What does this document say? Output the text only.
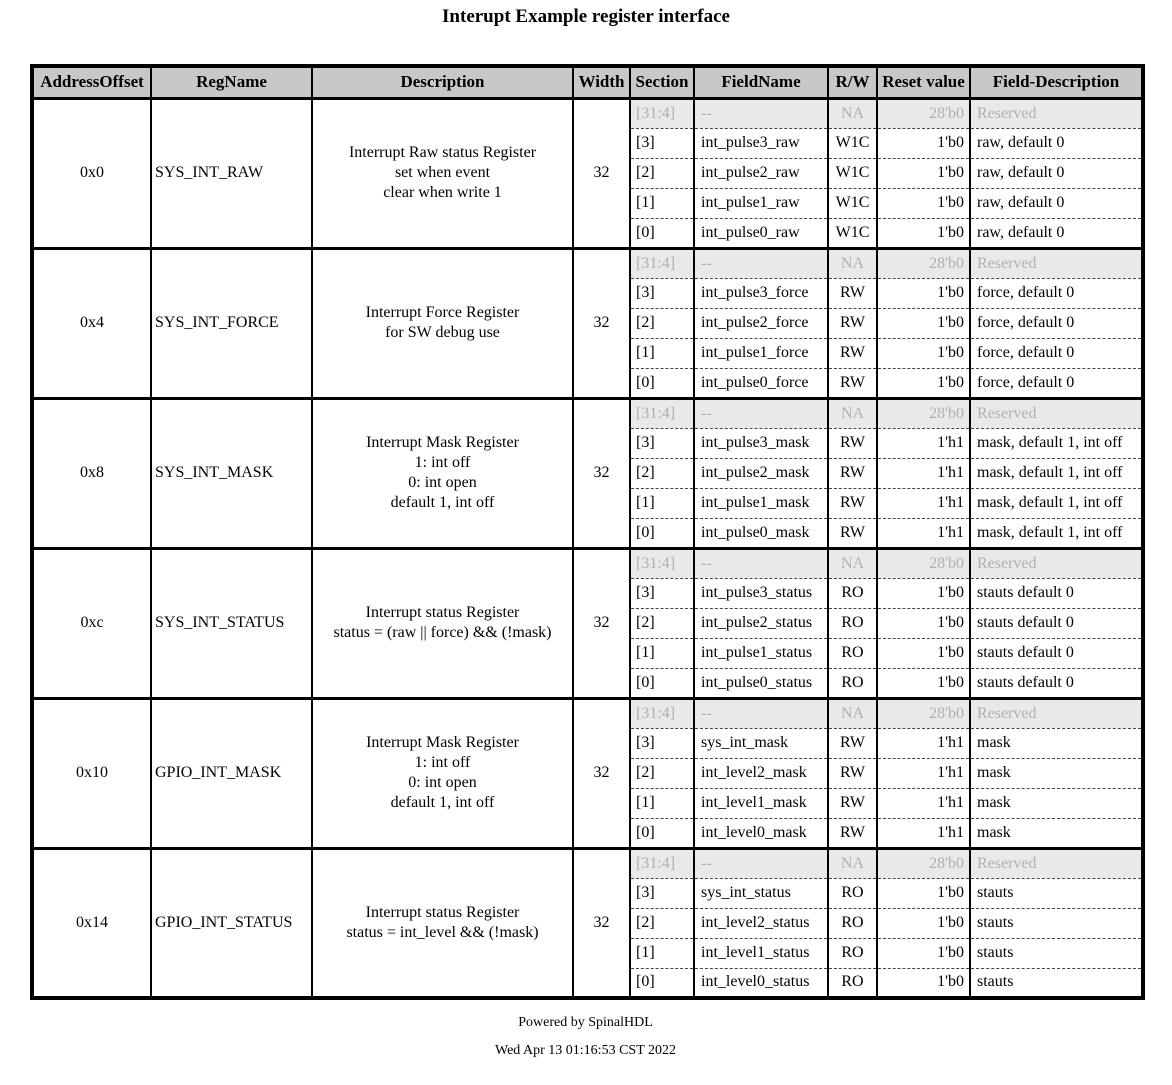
Interupt Example register interface
AddressOffset	RegName	Description	Width	Section	FieldName	R/W	Reset value	Field-Description
0x0	SYS_INT_RAW	Interrupt Raw status Register
set when event
clear when write 1	32	[31:4]	--	NA	28'b0	Reserved
				[3]	int_pulse3_raw	W1C	1'b0	raw, default 0
				[2]	int_pulse2_raw	W1C	1'b0	raw, default 0
				[1]	int_pulse1_raw	W1C	1'b0	raw, default 0
				[0]	int_pulse0_raw	W1C	1'b0	raw, default 0
0x4	SYS_INT_FORCE	Interrupt Force Register
for SW debug use	32	[31:4]	--	NA	28'b0	Reserved
				[3]	int_pulse3_force	RW	1'b0	force, default 0
				[2]	int_pulse2_force	RW	1'b0	force, default 0
				[1]	int_pulse1_force	RW	1'b0	force, default 0
				[0]	int_pulse0_force	RW	1'b0	force, default 0
0x8	SYS_INT_MASK	Interrupt Mask Register
1: int off
0: int open
default 1, int off	32	[31:4]	--	NA	28'b0	Reserved
				[3]	int_pulse3_mask	RW	1'h1	mask, default 1, int off
				[2]	int_pulse2_mask	RW	1'h1	mask, default 1, int off
				[1]	int_pulse1_mask	RW	1'h1	mask, default 1, int off
				[0]	int_pulse0_mask	RW	1'h1	mask, default 1, int off
0xc	SYS_INT_STATUS	Interrupt status Register
status = (raw || force) && (!mask)	32	[31:4]	--	NA	28'b0	Reserved
				[3]	int_pulse3_status	RO	1'b0	stauts default 0
				[2]	int_pulse2_status	RO	1'b0	stauts default 0
				[1]	int_pulse1_status	RO	1'b0	stauts default 0
				[0]	int_pulse0_status	RO	1'b0	stauts default 0
0x10	GPIO_INT_MASK	Interrupt Mask Register
1: int off
0: int open
default 1, int off	32	[31:4]	--	NA	28'b0	Reserved
				[3]	sys_int_mask	RW	1'h1	mask
				[2]	int_level2_mask	RW	1'h1	mask
				[1]	int_level1_mask	RW	1'h1	mask
				[0]	int_level0_mask	RW	1'h1	mask
0x14	GPIO_INT_STATUS	Interrupt status Register
status = int_level && (!mask)	32	[31:4]	--	NA	28'b0	Reserved
				[3]	sys_int_status	RO	1'b0	stauts
				[2]	int_level2_status	RO	1'b0	stauts
				[1]	int_level1_status	RO	1'b0	stauts
				[0]	int_level0_status	RO	1'b0	stauts
Powered by SpinalHDL
Wed Apr 13 01:16:53 CST 2022
